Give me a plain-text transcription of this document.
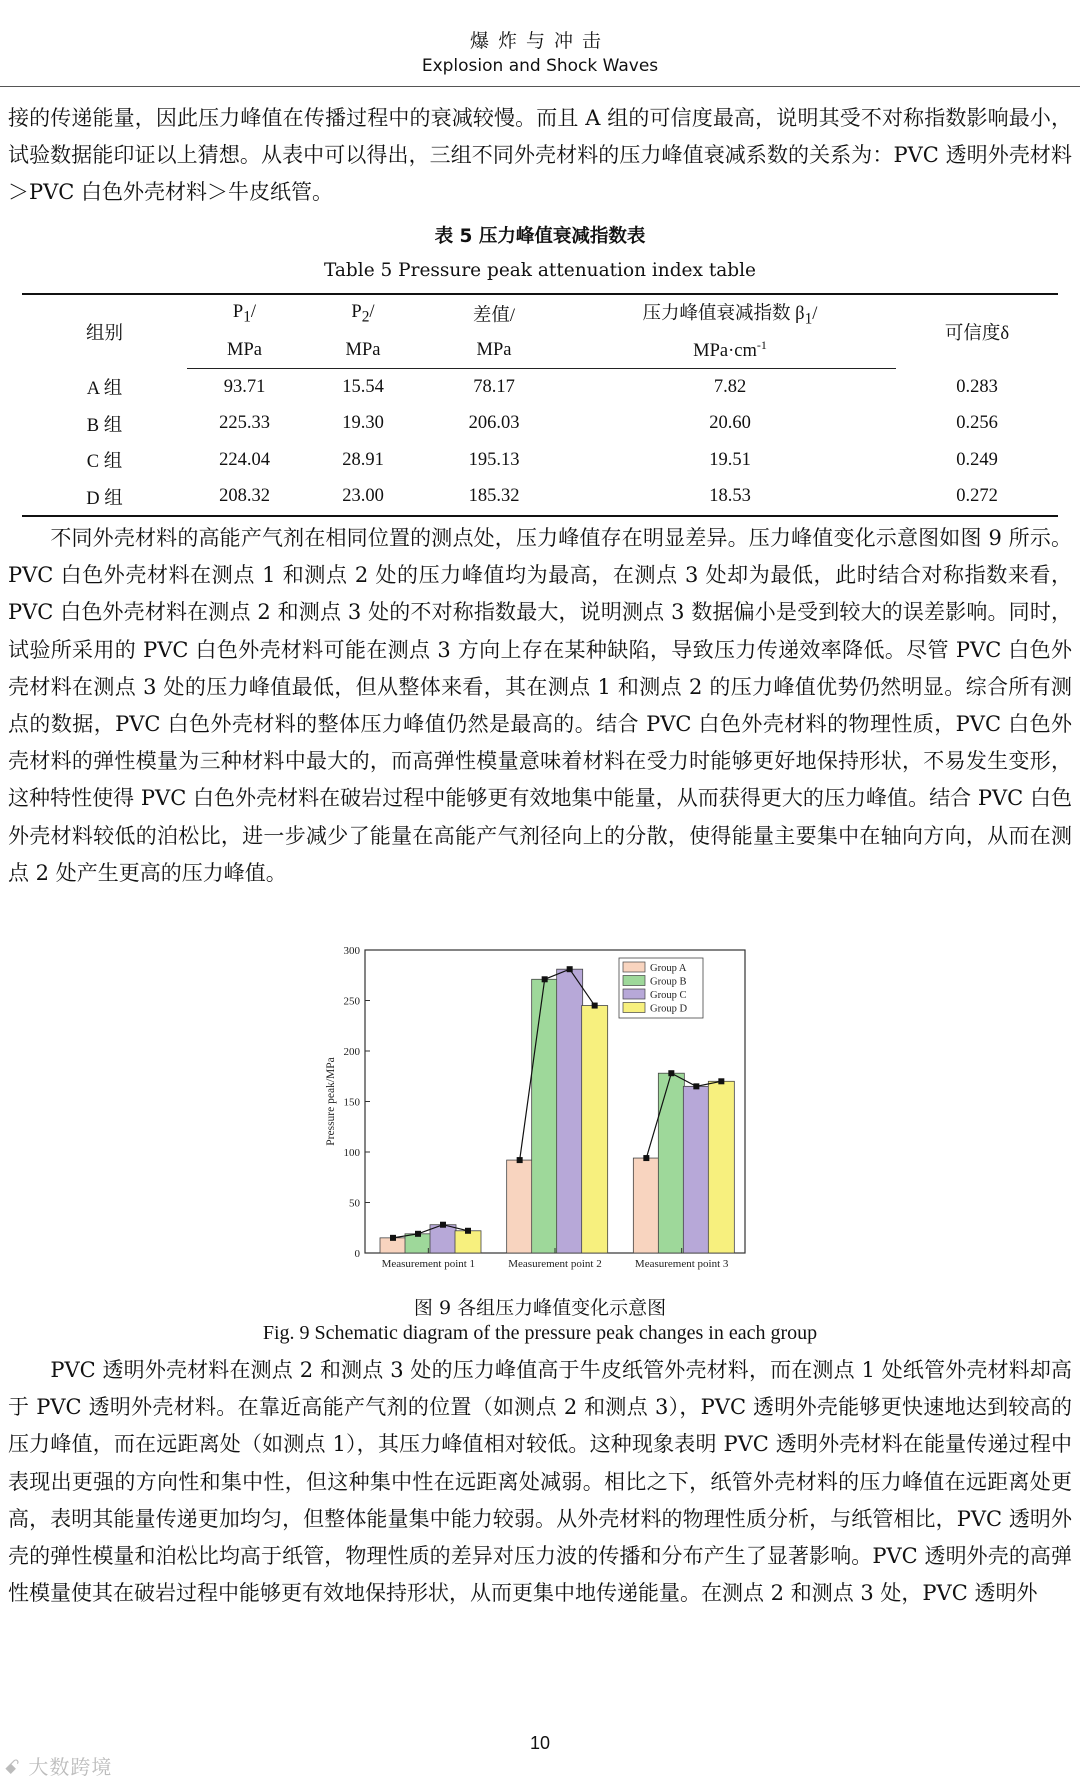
爆炸与冲击
Explosion and Shock Waves

接的传递能量，因此压力峰值在传播过程中的衰减较慢。而且 A 组的可信度最高，说明其受不对称指数影响最小，试验数据能印证以上猜想。从表中可以得出，三组不同外壳材料的压力峰值衰减系数的关系为：PVC 透明外壳材料＞PVC 白色外壳材料＞牛皮纸管。

表 5 压力峰值衰减指数表
Table 5 Pressure peak attenuation index table
组别	$P_1/$	$P_2/$	差值/	压力峰值衰减指数 $\beta_1/$	可信度δ
	MPa	MPa	MPa	$MPa\cdot cm^{-1}$
A 组	93.71	15.54	78.17	7.82	0.283
B 组	225.33	19.30	206.03	20.60	0.256
C 组	224.04	28.91	195.13	19.51	0.249
D 组	208.32	23.00	185.32	18.53	0.272

　　不同外壳材料的高能产气剂在相同位置的测点处，压力峰值存在明显差异。压力峰值变化示意图如图 9 所示。PVC 白色外壳材料在测点 1 和测点 2 处的压力峰值均为最高，在测点 3 处却为最低，此时结合对称指数来看，PVC 白色外壳材料在测点 2 和测点 3 处的不对称指数最大，说明测点 3 数据偏小是受到较大的误差影响。同时，试验所采用的 PVC 白色外壳材料可能在测点 3 方向上存在某种缺陷，导致压力传递效率降低。尽管 PVC 白色外壳材料在测点 3 处的压力峰值最低，但从整体来看，其在测点 1 和测点 2 的压力峰值优势仍然明显。综合所有测点的数据，PVC 白色外壳材料的整体压力峰值仍然是最高的。结合 PVC 白色外壳材料的物理性质，PVC 白色外壳材料的弹性模量为三种材料中最大的，而高弹性模量意味着材料在受力时能够更好地保持形状，不易发生变形，这种特性使得 PVC 白色外壳材料在破岩过程中能够更有效地集中能量，从而获得更大的压力峰值。结合 PVC 白色外壳材料较低的泊松比，进一步减少了能量在高能产气剂径向上的分散，使得能量主要集中在轴向方向，从而在测点 2 处产生更高的压力峰值。

0
50
100
150
200
250
300
Pressure peak/MPa
Measurement point 1	Measurement point 2	Measurement point 3
Group A
Group B
Group C
Group D
图 9 各组压力峰值变化示意图
Fig. 9 Schematic diagram of the pressure peak changes in each group

　　PVC 透明外壳材料在测点 2 和测点 3 处的压力峰值高于牛皮纸管外壳材料，而在测点 1 处纸管外壳材料却高于 PVC 透明外壳材料。在靠近高能产气剂的位置（如测点 2 和测点 3），PVC 透明外壳能够更快速地达到较高的压力峰值，而在远距离处（如测点 1），其压力峰值相对较低。这种现象表明 PVC 透明外壳材料在能量传递过程中表现出更强的方向性和集中性，但这种集中性在远距离处减弱。相比之下，纸管外壳材料的压力峰值在远距离处更高，表明其能量传递更加均匀，但整体能量集中能力较弱。从外壳材料的物理性质分析，与纸管相比，PVC 透明外壳的弹性模量和泊松比均高于纸管，物理性质的差异对压力波的传播和分布产生了显著影响。PVC 透明外壳的高弹性模量使其在破岩过程中能够更有效地保持形状，从而更集中地传递能量。在测点 2 和测点 3 处，PVC 透明外

10
ꗃ 大数跨境
